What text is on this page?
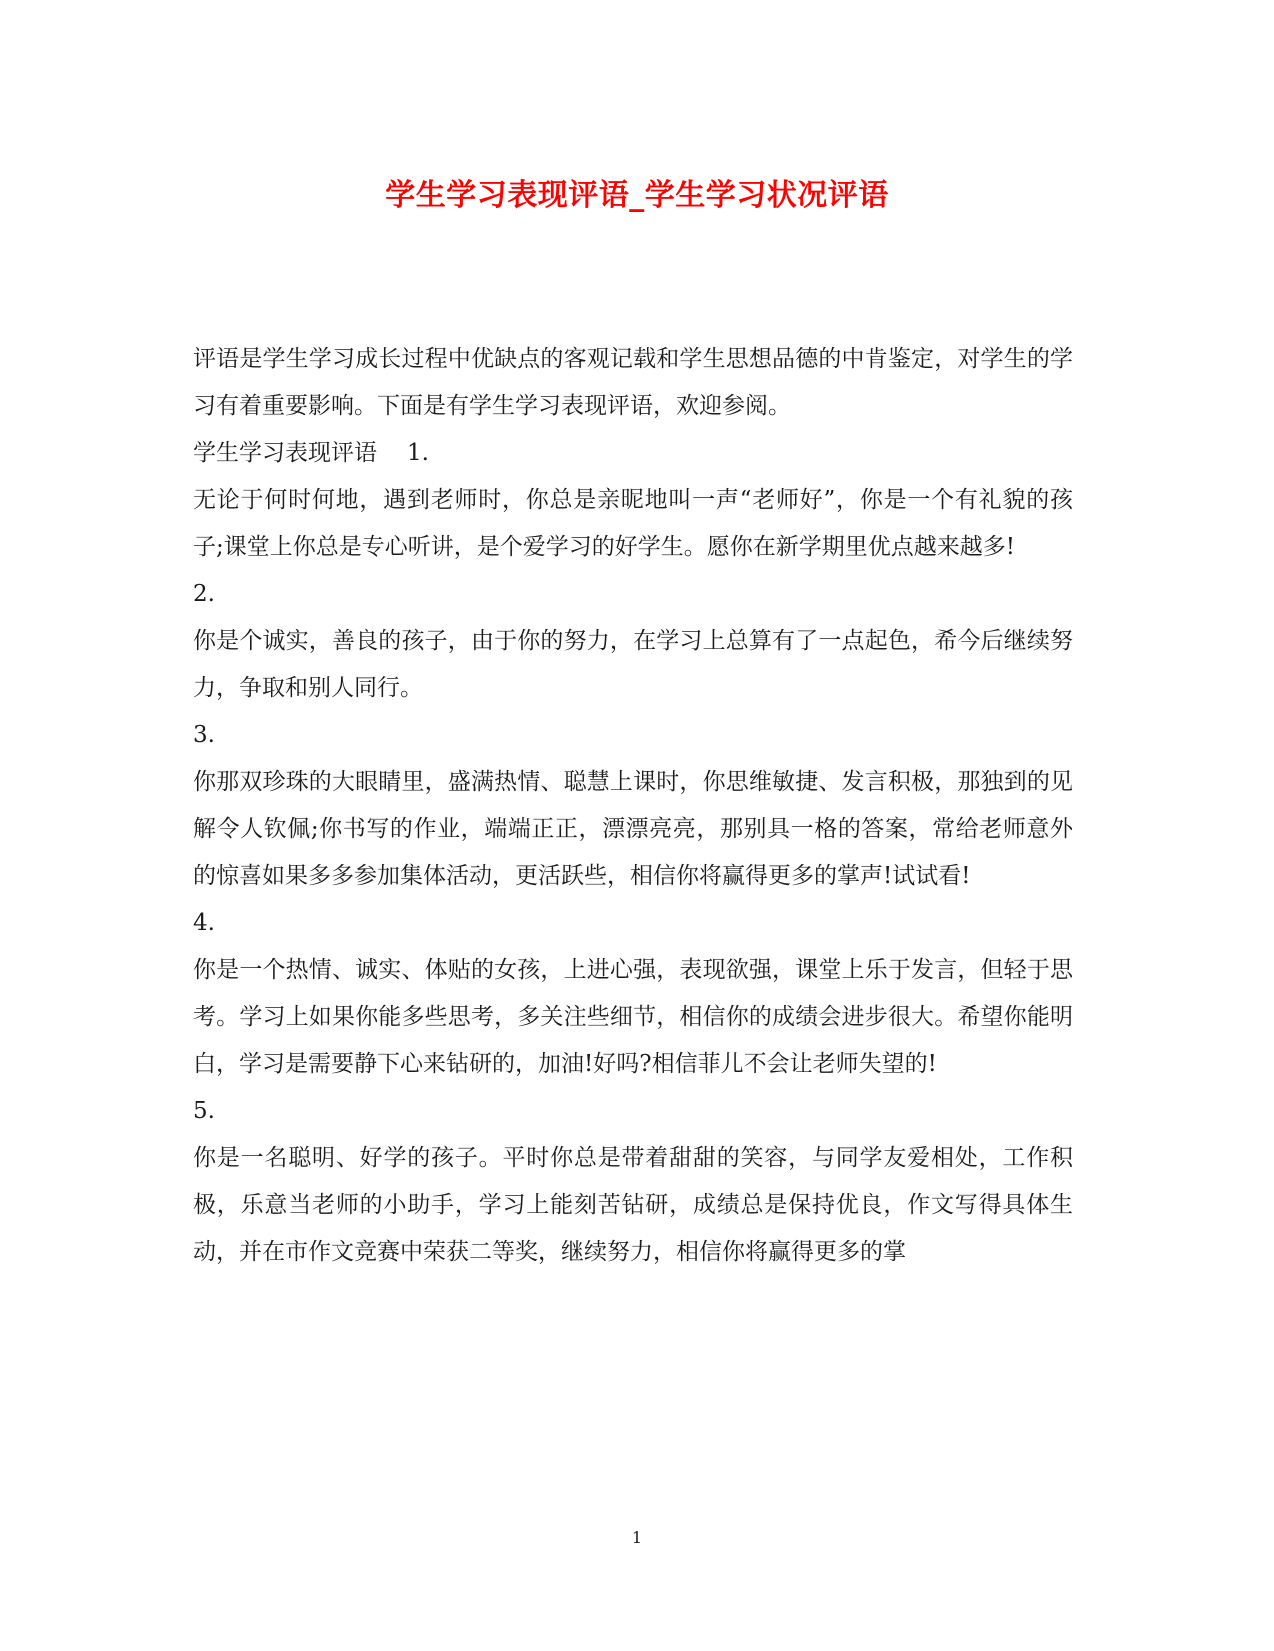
学生学习表现评语_学生学习状况评语

评语是学生学习成长过程中优缺点的客观记载和学生思想品德的中肯鉴定，对学生的学习有着重要影响。下面是有学生学习表现评语，欢迎参阅。

学生学习表现评语 1.

无论于何时何地，遇到老师时，你总是亲昵地叫一声“老师好”，你是一个有礼貌的孩子;课堂上你总是专心听讲，是个爱学习的好学生。愿你在新学期里优点越来越多!

2.

你是个诚实，善良的孩子，由于你的努力，在学习上总算有了一点起色，希今后继续努力，争取和别人同行。

3.

你那双珍珠的大眼睛里，盛满热情、聪慧上课时，你思维敏捷、发言积极，那独到的见解令人钦佩;你书写的作业，端端正正，漂漂亮亮，那别具一格的答案，常给老师意外的惊喜如果多多参加集体活动，更活跃些，相信你将赢得更多的掌声!试试看!

4.

你是一个热情、诚实、体贴的女孩，上进心强，表现欲强，课堂上乐于发言，但轻于思考。学习上如果你能多些思考，多关注些细节，相信你的成绩会进步很大。希望你能明白，学习是需要静下心来钻研的，加油!好吗?相信菲儿不会让老师失望的!

5.

你是一名聪明、好学的孩子。平时你总是带着甜甜的笑容，与同学友爱相处，工作积极，乐意当老师的小助手，学习上能刻苦钻研，成绩总是保持优良，作文写得具体生动，并在市作文竞赛中荣获二等奖，继续努力，相信你将赢得更多的掌

1
